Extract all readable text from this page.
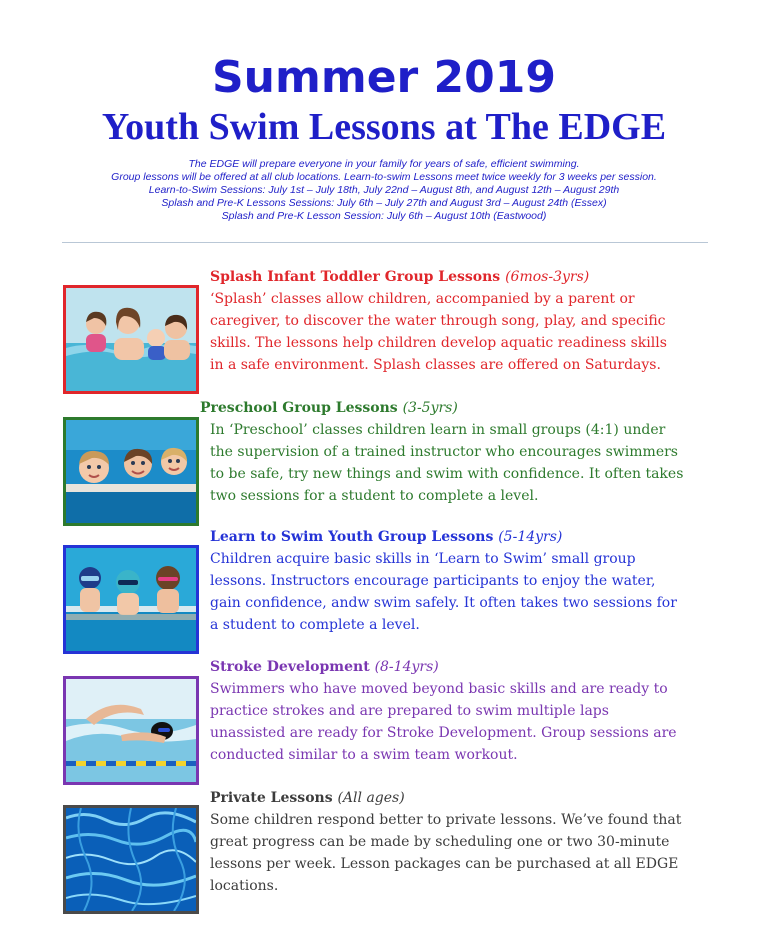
Summer 2019
Youth Swim Lessons at The EDGE
The EDGE will prepare everyone in your family for years of safe, efficient swimming.
Group lessons will be offered at all club locations. Learn-to-swim Lessons meet twice weekly for 3 weeks per session.
Learn-to-Swim Sessions: July 1st – July 18th, July 22nd – August 8th, and August 12th – August 29th
Splash and Pre-K Lessons Sessions: July 6th – July 27th and August 3rd – August 24th (Essex)
Splash and Pre-K Lesson Session: July 6th – August 10th (Eastwood)
Splash Infant Toddler Group Lessons (6mos-3yrs)
‘Splash’ classes allow children, accompanied by a parent or
caregiver, to discover the water through song, play, and specific
skills. The lessons help children develop aquatic readiness skills
in a safe environment. Splash classes are offered on Saturdays.
Preschool Group Lessons (3-5yrs)
In ‘Preschool’ classes children learn in small groups (4:1) under
the supervision of a trained instructor who encourages swimmers
to be safe, try new things and swim with confidence. It often takes
two sessions for a student to complete a level.
Learn to Swim Youth Group Lessons (5-14yrs)
Children acquire basic skills in ‘Learn to Swim’ small group
lessons. Instructors encourage participants to enjoy the water,
gain confidence, andw swim safely. It often takes two sessions for
a student to complete a level.
Stroke Development (8-14yrs)
Swimmers who have moved beyond basic skills and are ready to
practice strokes and are prepared to swim multiple laps
unassisted are ready for Stroke Development. Group sessions are
conducted similar to a swim team workout.
Private Lessons (All ages)
Some children respond better to private lessons. We’ve found that
great progress can be made by scheduling one or two 30-minute
lessons per week. Lesson packages can be purchased at all EDGE
locations.
